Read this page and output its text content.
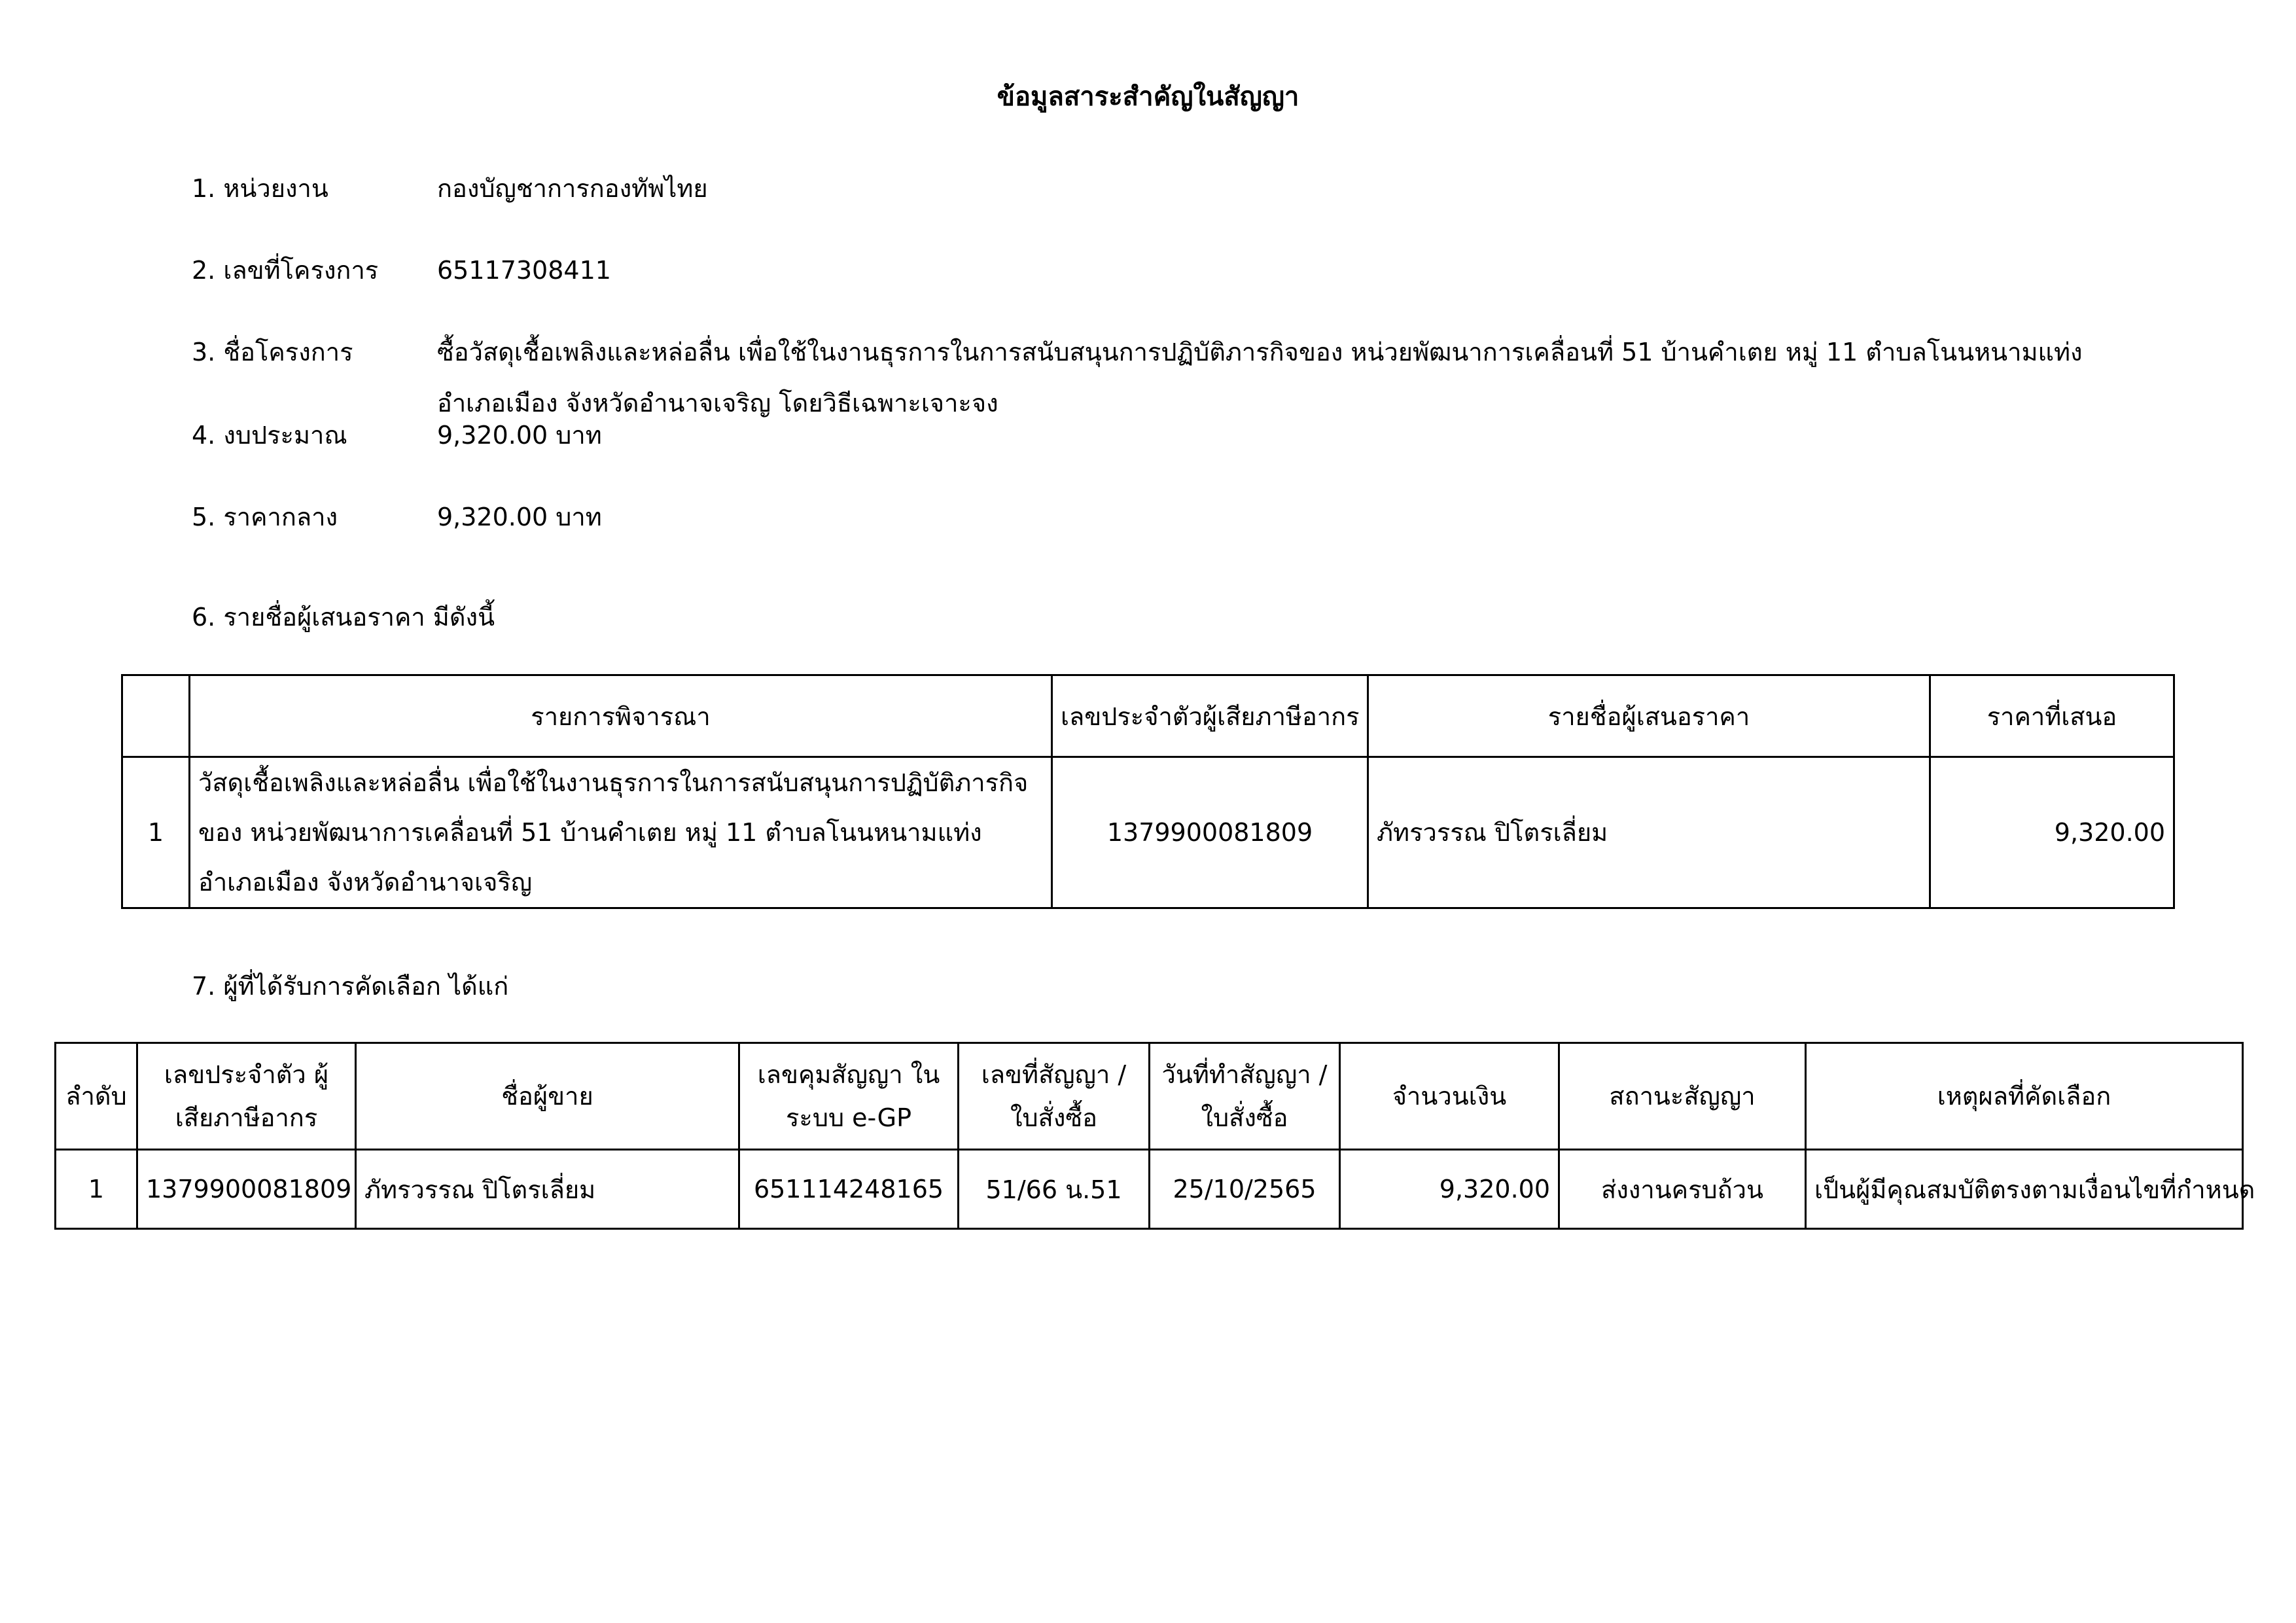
ข้อมูลสาระสำคัญในสัญญา
1. หน่วยงาน	กองบัญชาการกองทัพไทย
2. เลขที่โครงการ 65117308411
3. ชื่อโครงการ	ซื้อวัสดุเชื้อเพลิงและหล่อลื่น เพื่อใช้ในงานธุรการในการสนับสนุนการปฏิบัติภารกิจของ หน่วยพัฒนาการเคลื่อนที่ 51 บ้านคำเตย หมู่ 11 ตำบลโนนหนามแท่ง อำเภอเมือง จังหวัดอำนาจเจริญ โดยวิธีเฉพาะเจาะจง
4. งบประมาณ	9,320.00 บาท
5. ราคากลาง	9,320.00 บาท
6. รายชื่อผู้เสนอราคา มีดังนี้
	รายการพิจารณา	เลขประจำตัวผู้เสียภาษีอากร	รายชื่อผู้เสนอราคา	ราคาที่เสนอ
1	วัสดุเชื้อเพลิงและหล่อลื่น เพื่อใช้ในงานธุรการในการสนับสนุนการปฏิบัติภารกิจของ หน่วยพัฒนาการเคลื่อนที่ 51 บ้านคำเตย หมู่ 11 ตำบลโนนหนามแท่ง อำเภอเมือง จังหวัดอำนาจเจริญ	1379900081809	ภัทรวรรณ ปิโตรเลี่ยม	9,320.00
7. ผู้ที่ได้รับการคัดเลือก ได้แก่
ลำดับ	เลขประจำตัว ผู้เสียภาษีอากร	ชื่อผู้ขาย	เลขคุมสัญญา ในระบบ e-GP	เลขที่สัญญา / ใบสั่งซื้อ	วันที่ทำสัญญา / ใบสั่งซื้อ	จำนวนเงิน	สถานะสัญญา	เหตุผลที่คัดเลือก
1	1379900081809	ภัทรวรรณ ปิโตรเลี่ยม	651114248165	51/66 น.51	25/10/2565	9,320.00	ส่งงานครบถ้วน	เป็นผู้มีคุณสมบัติตรงตามเงื่อนไขที่กำหนด
